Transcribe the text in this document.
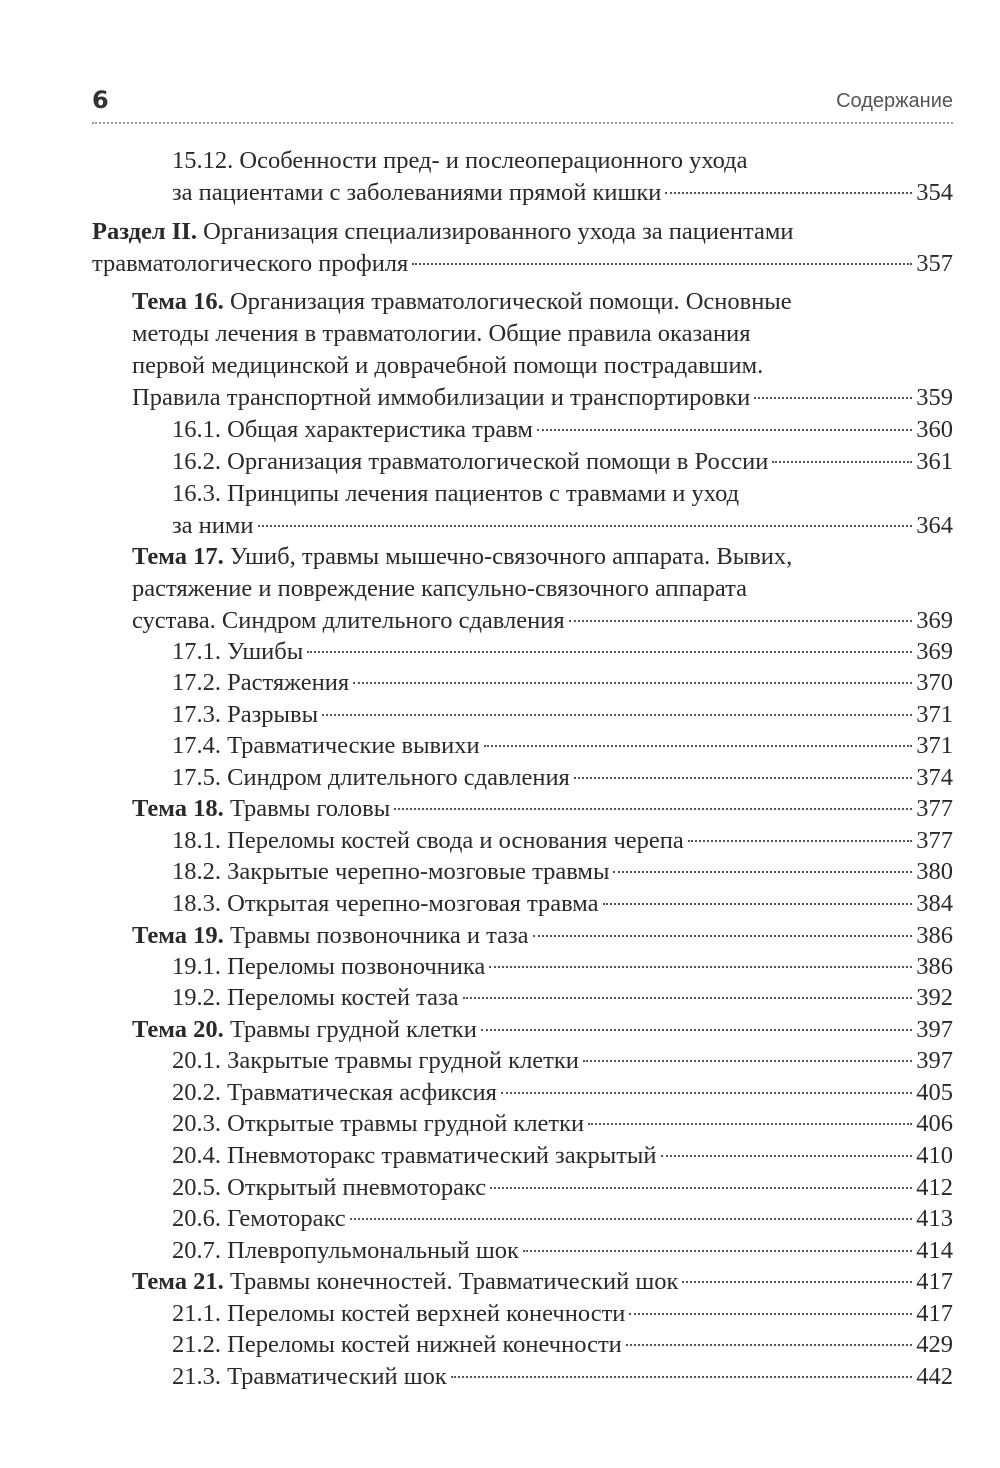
6	Содержание
15.12. Особенности пред- и послеоперационного ухода
за пациентами с заболеваниями прямой кишки	354
Раздел II. Организация специализированного ухода за пациентами
травматологического профиля	357
Тема 16. Организация травматологической помощи. Основные
методы лечения в травматологии. Общие правила оказания
первой медицинской и доврачебной помощи пострадавшим.
Правила транспортной иммобилизации и транспортировки	359
16.1. Общая характеристика травм	360
16.2. Организация травматологической помощи в России	361
16.3. Принципы лечения пациентов с травмами и уход
за ними	364
Тема 17. Ушиб, травмы мышечно-связочного аппарата. Вывих,
растяжение и повреждение капсульно-связочного аппарата
сустава. Синдром длительного сдавления	369
17.1. Ушибы	369
17.2. Растяжения	370
17.3. Разрывы	371
17.4. Травматические вывихи	371
17.5. Синдром длительного сдавления	374
Тема 18. Травмы головы	377
18.1. Переломы костей свода и основания черепа	377
18.2. Закрытые черепно-мозговые травмы	380
18.3. Открытая черепно-мозговая травма	384
Тема 19. Травмы позвоночника и таза	386
19.1. Переломы позвоночника	386
19.2. Переломы костей таза	392
Тема 20. Травмы грудной клетки	397
20.1. Закрытые травмы грудной клетки	397
20.2. Травматическая асфиксия	405
20.3. Открытые травмы грудной клетки	406
20.4. Пневмоторакс травматический закрытый	410
20.5. Открытый пневмоторакс	412
20.6. Гемоторакс	413
20.7. Плевропульмональный шок	414
Тема 21. Травмы конечностей. Травматический шок	417
21.1. Переломы костей верхней конечности	417
21.2. Переломы костей нижней конечности	429
21.3. Травматический шок	442
